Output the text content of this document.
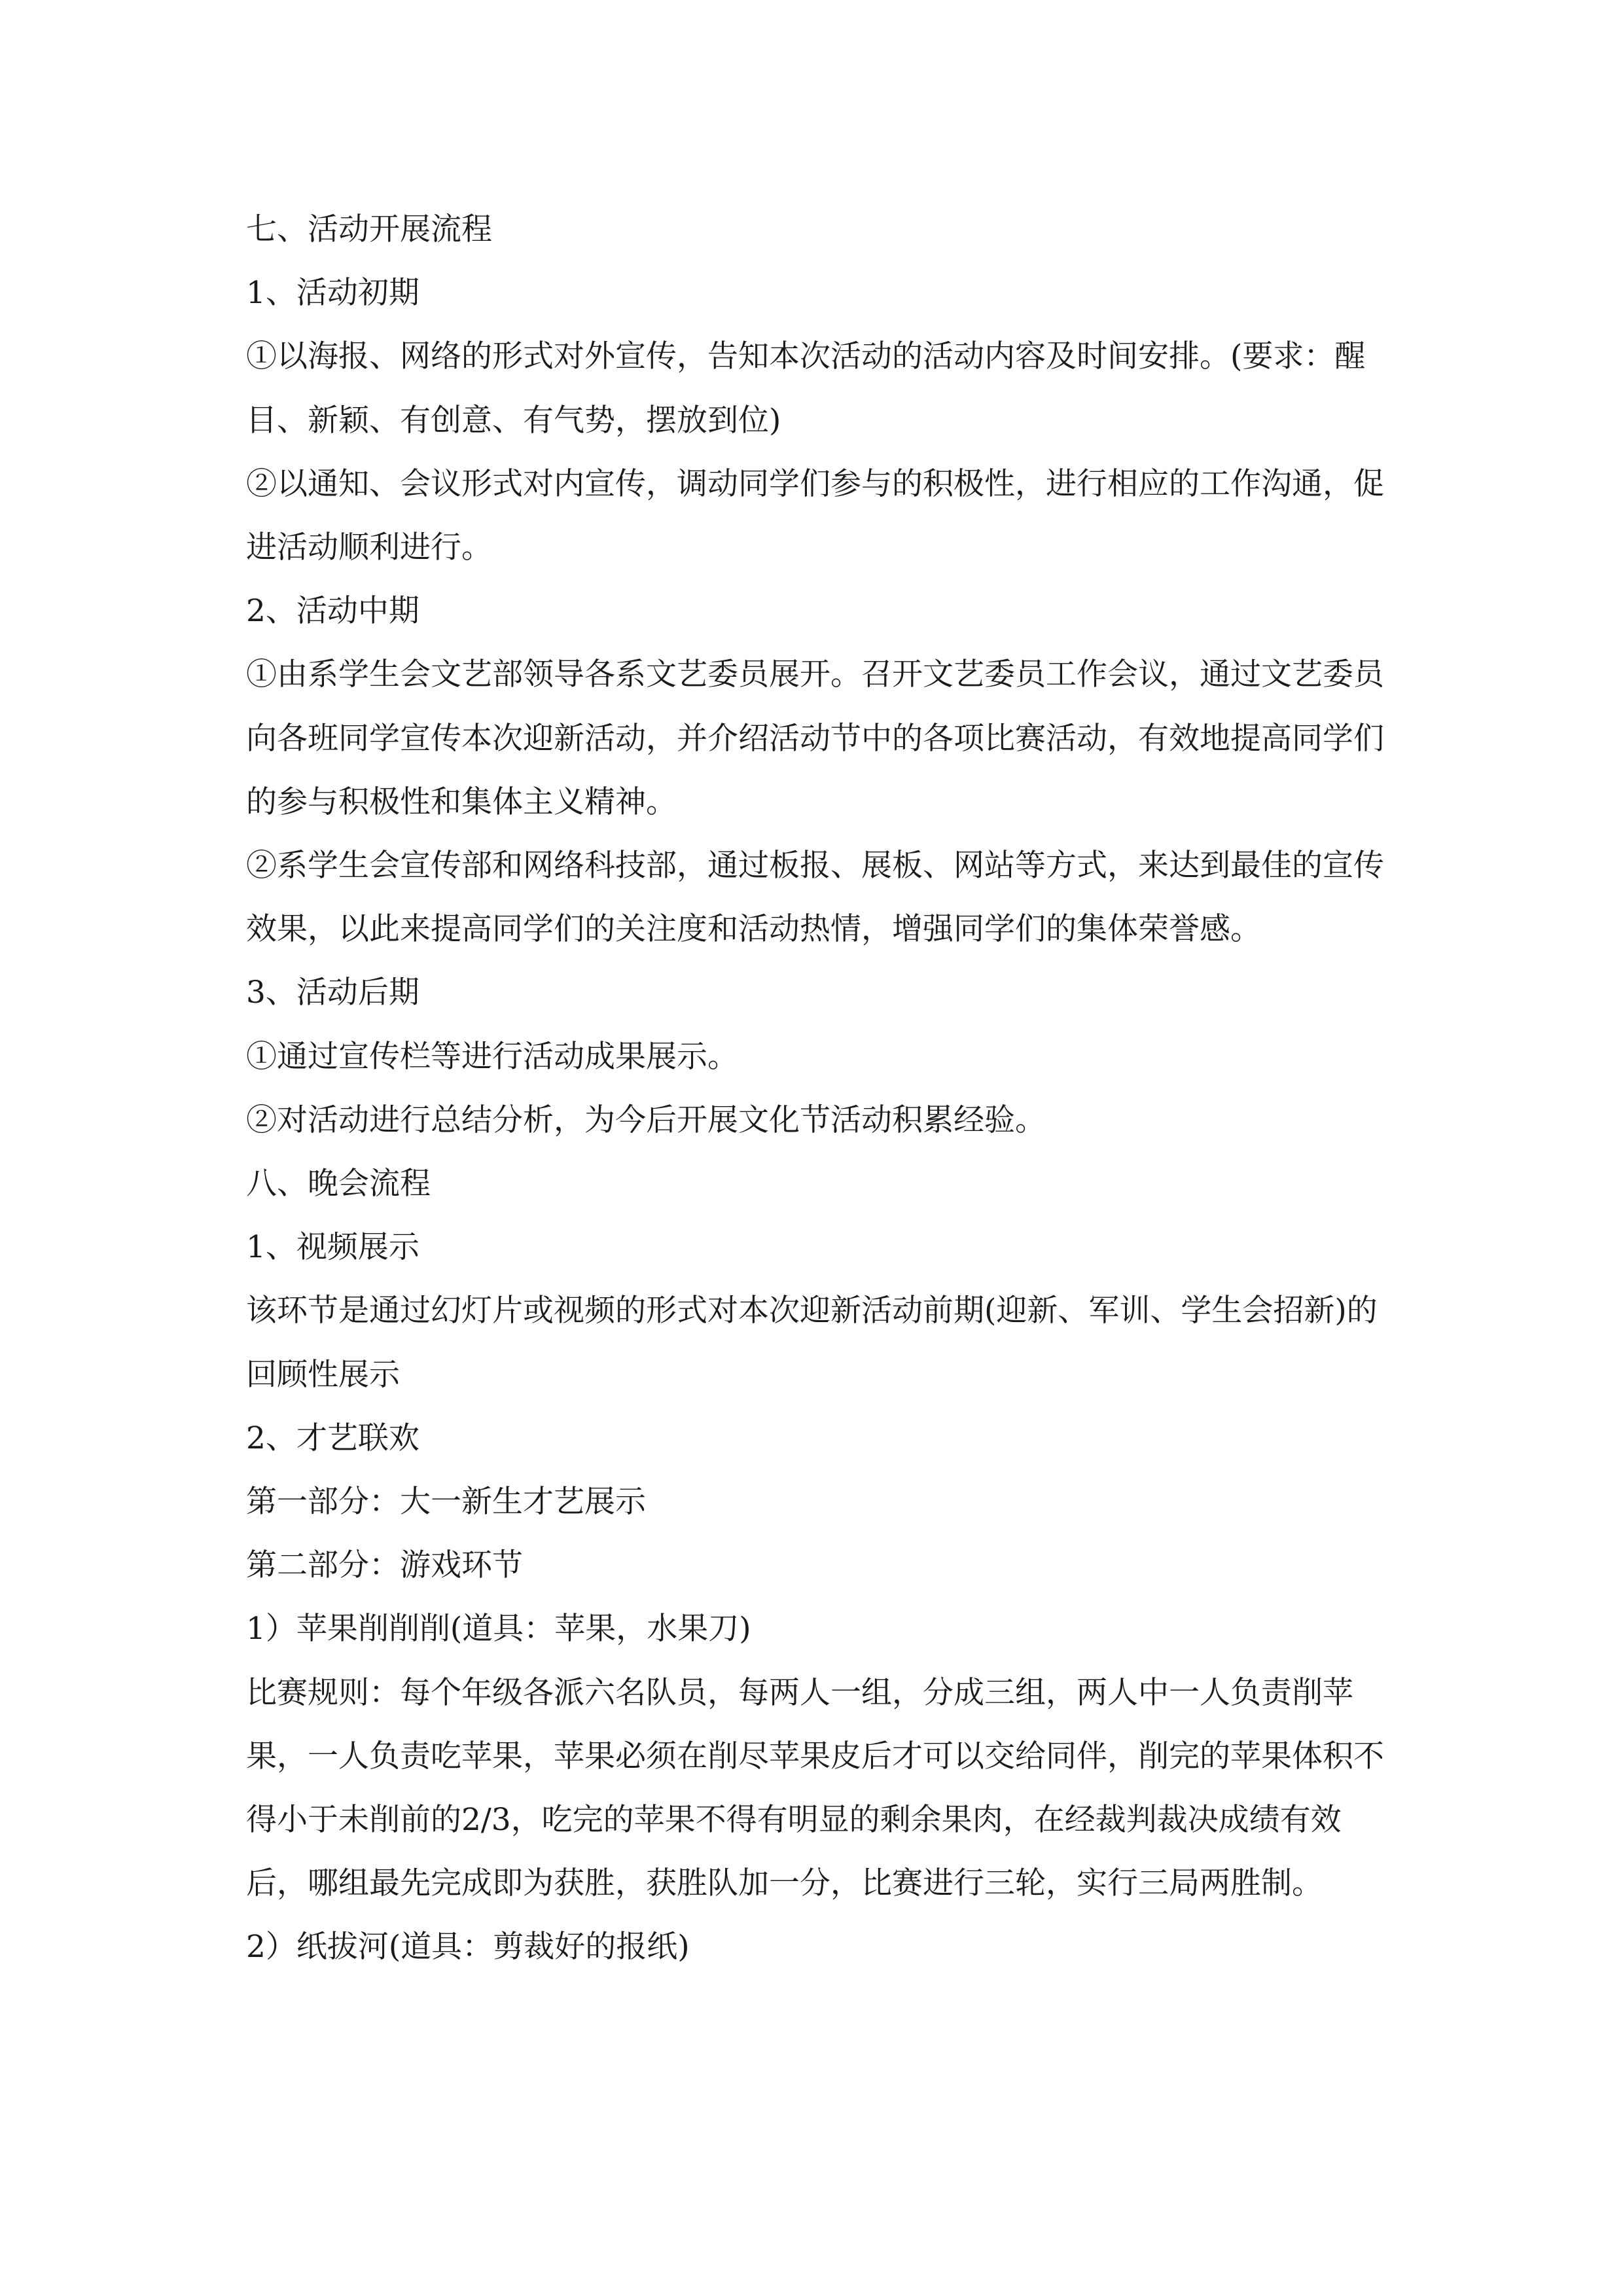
七、活动开展流程

1、活动初期

①以海报、网络的形式对外宣传，告知本次活动的活动内容及时间安排。(要求：醒目、新颖、有创意、有气势，摆放到位)

②以通知、会议形式对内宣传，调动同学们参与的积极性，进行相应的工作沟通，促进活动顺利进行。

2、活动中期

①由系学生会文艺部领导各系文艺委员展开。召开文艺委员工作会议，通过文艺委员向各班同学宣传本次迎新活动，并介绍活动节中的各项比赛活动，有效地提高同学们的参与积极性和集体主义精神。

②系学生会宣传部和网络科技部，通过板报、展板、网站等方式，来达到最佳的宣传效果，以此来提高同学们的关注度和活动热情，增强同学们的集体荣誉感。

3、活动后期

①通过宣传栏等进行活动成果展示。

②对活动进行总结分析，为今后开展文化节活动积累经验。

八、晚会流程

1、视频展示

该环节是通过幻灯片或视频的形式对本次迎新活动前期(迎新、军训、学生会招新)的回顾性展示

2、才艺联欢

第一部分：大一新生才艺展示

第二部分：游戏环节

1）苹果削削削(道具：苹果，水果刀)

比赛规则：每个年级各派六名队员，每两人一组，分成三组，两人中一人负责削苹果，一人负责吃苹果，苹果必须在削尽苹果皮后才可以交给同伴，削完的苹果体积不得小于未削前的2/3，吃完的苹果不得有明显的剩余果肉，在经裁判裁决成绩有效后，哪组最先完成即为获胜，获胜队加一分，比赛进行三轮，实行三局两胜制。

2）纸拔河(道具：剪裁好的报纸)
